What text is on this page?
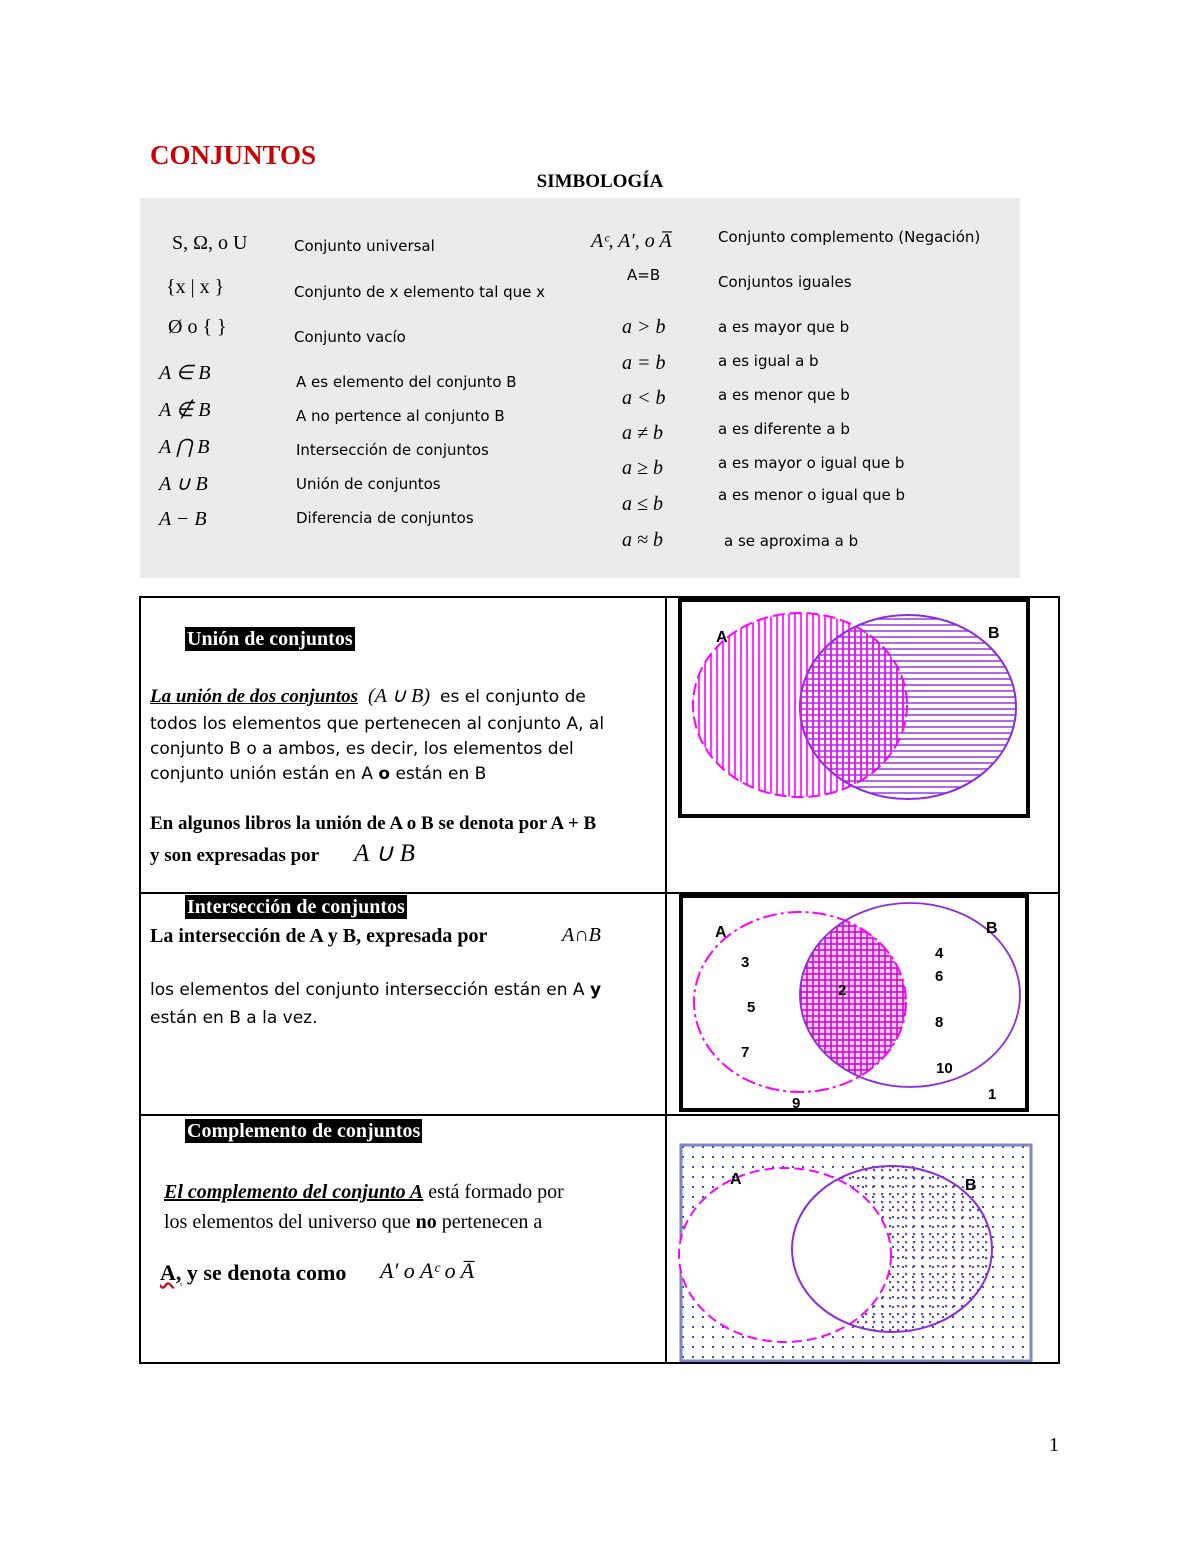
CONJUNTOS
SIMBOLOGÍA
S, Ω, o U	Conjunto universal
{x | x }	Conjunto de x elemento tal que x
Ø o { }	Conjunto vacío
A ∈ B	A es elemento del conjunto B
A ∉ B	A no pertence al conjunto B
A ⋂ B	Intersección de conjuntos
A ∪ B	Unión de conjuntos
A − B	Diferencia de conjuntos
Aᶜ, A′, o A̅	Conjunto complemento (Negación)
A=B	Conjuntos iguales
a > b	a es mayor que b
a = b	a es igual a b
a < b	a es menor que b
a ≠ b	a es diferente a b
a ≥ b	a es mayor o igual que b
a ≤ b	a es menor o igual que b
a ≈ b	a se aproxima a b
Unión de conjuntos
La unión de dos conjuntos (A ∪ B) es el conjunto de
todos los elementos que pertenecen al conjunto A, al
conjunto B o a ambos, es decir, los elementos del
conjunto unión están en A o están en B
En algunos libros la unión de A o B se denota por A + B
y son expresadas por A ∪ B
A	B
Intersección de conjuntos
La intersección de A y B, expresada por	A∩B
los elementos del conjunto intersección están en A y
están en B a la vez.
A	B
3
5
7
2
4
6
8
10
9
1
Complemento de conjuntos
El complemento del conjunto A está formado por
los elementos del universo que no pertenecen a
A, y se denota como A′ o Aᶜ o A̅
A	B
1
